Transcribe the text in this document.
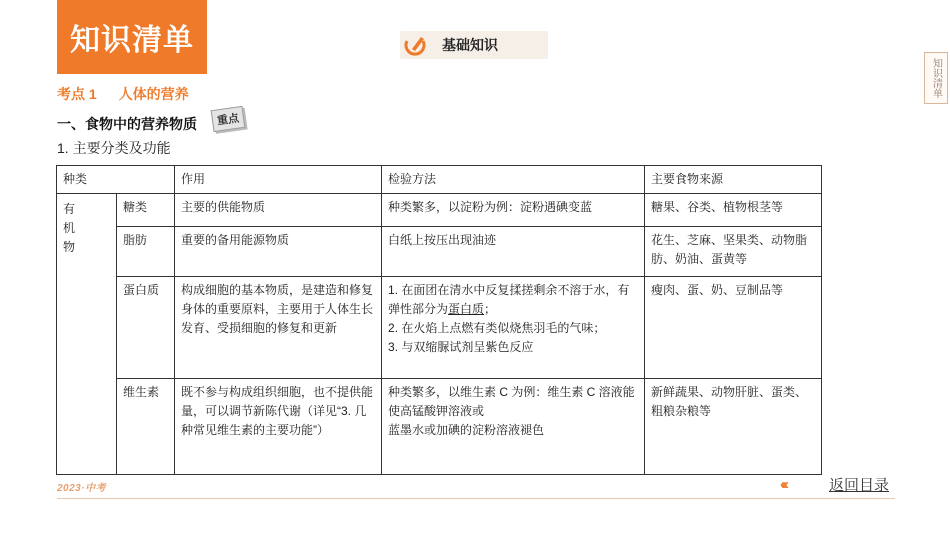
知识清单	基础知识
知识清单
考点 1 人体的营养
一、食物中的营养物质	重点
1. 主要分类及功能
种类		作用	检验方法	主要食物来源
有
机
物	糖类	主要的供能物质	种类繁多，以淀粉为例：淀粉遇碘变蓝	糖果、谷类、植物根茎等
	脂肪	重要的备用能源物质	白纸上按压出现油迹	花生、芝麻、坚果类、动物脂肪、奶油、蛋黄等
	蛋白质	构成细胞的基本物质，是建造和修复身体的重要原料，主要用于人体生长发育、受损细胞的修复和更新	1. 在面团在清水中反复揉搓剩余不溶于水，有弹性部分为蛋白质；
2. 在火焰上点燃有类似烧焦羽毛的气味；
3. 与双缩脲试剂呈紫色反应	瘦肉、蛋、奶、豆制品等
	维生素	既不参与构成组织细胞，也不提供能量，可以调节新陈代谢（详见“3. 几种常见维生素的主要功能”）	种类繁多，以维生素 C 为例：维生素 C 溶液能使高锰酸钾溶液或
蓝墨水或加碘的淀粉溶液褪色	新鲜蔬果、动物肝脏、蛋类、粗粮杂粮等
2023·中考	‹‹‹	返回目录
